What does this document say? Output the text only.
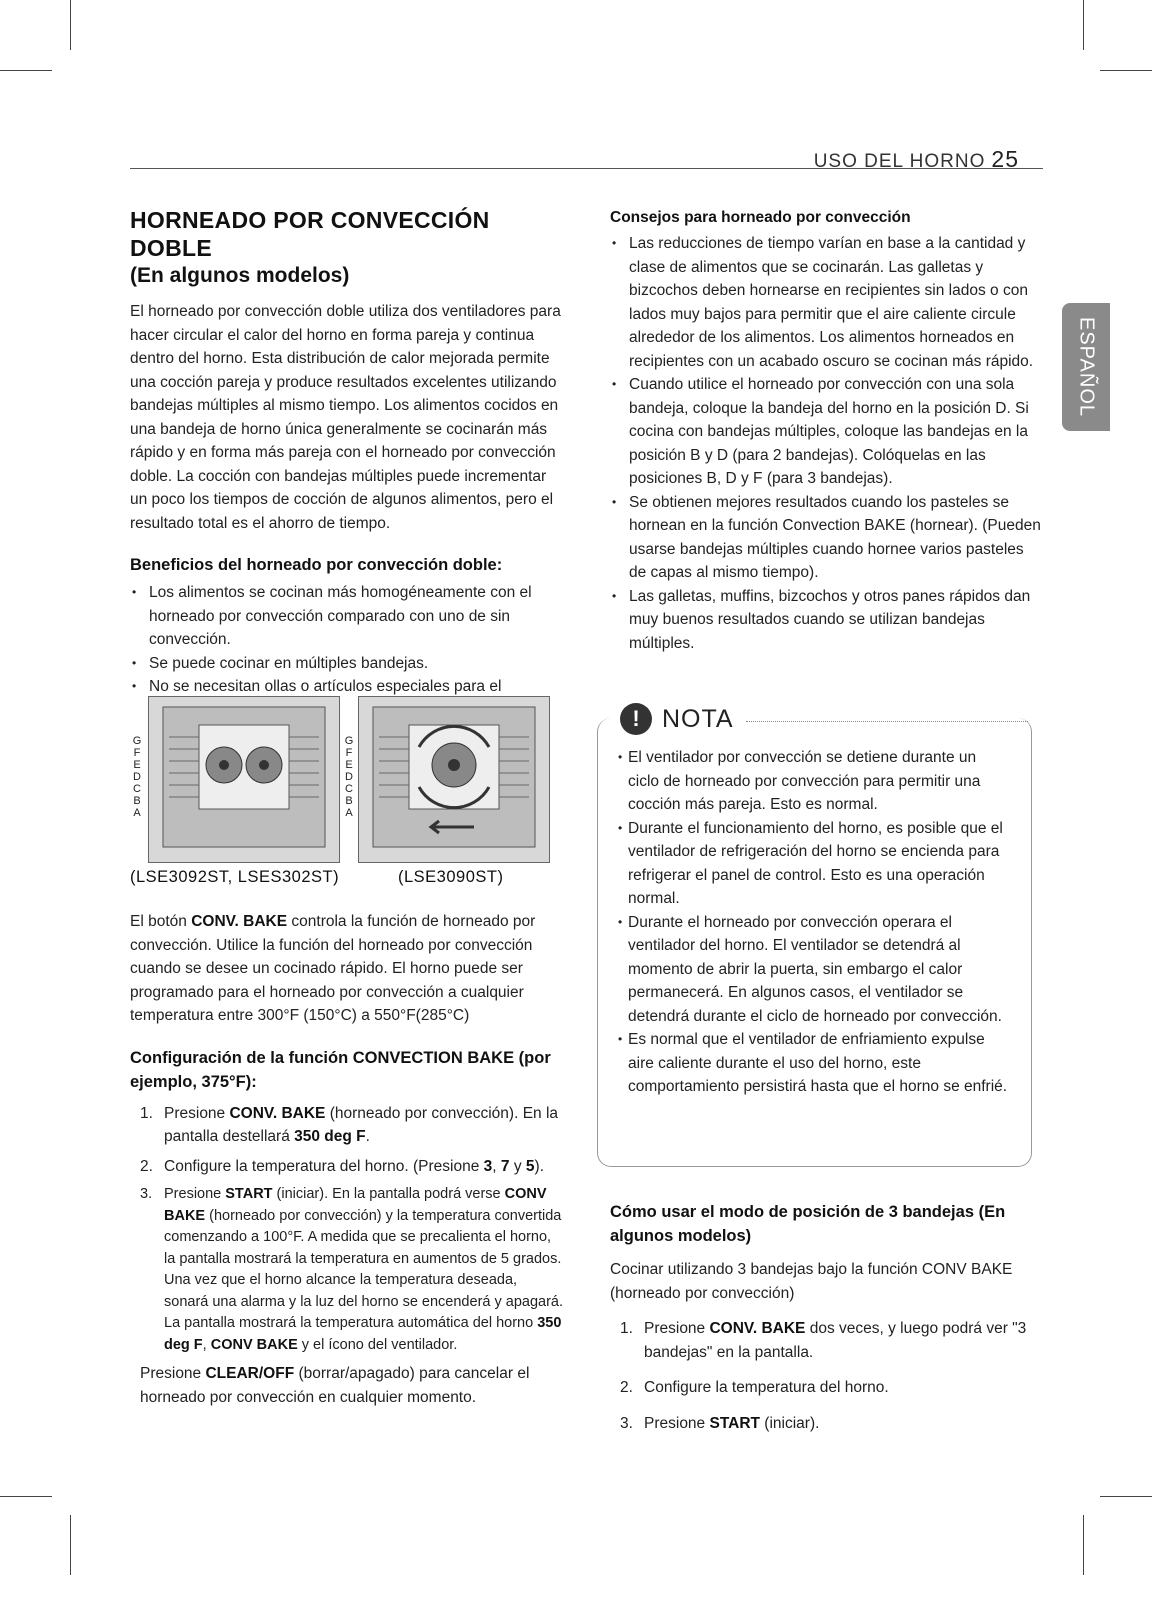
USO DEL HORNO 25
ESPAÑOL
HORNEADO POR CONVECCIÓN DOBLE
(En algunos modelos)

El horneado por convección doble utiliza dos ventiladores para hacer circular el calor del horno en forma pareja y continua dentro del horno. Esta distribución de calor mejorada permite una cocción pareja y produce resultados excelentes utilizando bandejas múltiples al mismo tiempo. Los alimentos cocidos en una bandeja de horno única generalmente se cocinarán más rápido y en forma más pareja con el horneado por convección doble. La cocción con bandejas múltiples puede incrementar un poco los tiempos de cocción de algunos alimentos, pero el resultado total es el ahorro de tiempo.

Beneficios del horneado por convección doble:
• Los alimentos se cocinan más homogéneamente con el horneado por convección comparado con uno de sin convección.
• Se puede cocinar en múltiples bandejas.
• No se necesitan ollas o artículos especiales para el
G
F
E
D
C
B
A
G
F
E
D
C
B
A
(LSE3092ST, LSES302ST)	(LSE3090ST)

El botón CONV. BAKE controla la función de horneado por convección. Utilice la función del horneado por convección cuando se desee un cocinado rápido. El horno puede ser programado para el horneado por convección a cualquier temperatura entre 300°F (150°C) a 550°F(285°C)

Configuración de la función CONVECTION BAKE (por ejemplo, 375°F):
1. Presione CONV. BAKE (horneado por convección). En la pantalla destellará 350 deg F.
2. Configure la temperatura del horno. (Presione 3, 7 y 5).
3. Presione START (iniciar). En la pantalla podrá verse CONV BAKE (horneado por convección) y la temperatura convertida comenzando a 100°F. A medida que se precalienta el horno, la pantalla mostrará la temperatura en aumentos de 5 grados. Una vez que el horno alcance la temperatura deseada, sonará una alarma y la luz del horno se encenderá y apagará. La pantalla mostrará la temperatura automática del horno 350 deg F, CONV BAKE y el ícono del ventilador.

Presione CLEAR/OFF (borrar/apagado) para cancelar el horneado por convección en cualquier momento.

Consejos para horneado por convección
• Las reducciones de tiempo varían en base a la cantidad y clase de alimentos que se cocinarán. Las galletas y bizcochos deben hornearse en recipientes sin lados o con lados muy bajos para permitir que el aire caliente circule alrededor de los alimentos. Los alimentos horneados en recipientes con un acabado oscuro se cocinan más rápido.
• Cuando utilice el horneado por convección con una sola bandeja, coloque la bandeja del horno en la posición D. Si cocina con bandejas múltiples, coloque las bandejas en la posición B y D (para 2 bandejas). Colóquelas en las posiciones B, D y F (para 3 bandejas).
• Se obtienen mejores resultados cuando los pasteles se hornean en la función Convection BAKE (hornear). (Pueden usarse bandejas múltiples cuando hornee varios pasteles de capas al mismo tiempo).
• Las galletas, muffins, bizcochos y otros panes rápidos dan muy buenos resultados cuando se utilizan bandejas múltiples.
! NOTA
• El ventilador por convección se detiene durante un ciclo de horneado por convección para permitir una cocción más pareja. Esto es normal.
• Durante el funcionamiento del horno, es posible que el ventilador de refrigeración del horno se encienda para refrigerar el panel de control. Esto es una operación normal.
• Durante el horneado por convección operara el ventilador del horno. El ventilador se detendrá al momento de abrir la puerta, sin embargo el calor permanecerá. En algunos casos, el ventilador se detendrá durante el ciclo de horneado por convección.
• Es normal que el ventilador de enfriamiento expulse aire caliente durante el uso del horno, este comportamiento persistirá hasta que el horno se enfrié.
Cómo usar el modo de posición de 3 bandejas (En algunos modelos)

Cocinar utilizando 3 bandejas bajo la función CONV BAKE (horneado por convección)

1. Presione CONV. BAKE dos veces, y luego podrá ver "3 bandejas" en la pantalla.
2. Configure la temperatura del horno.
3. Presione START (iniciar).
